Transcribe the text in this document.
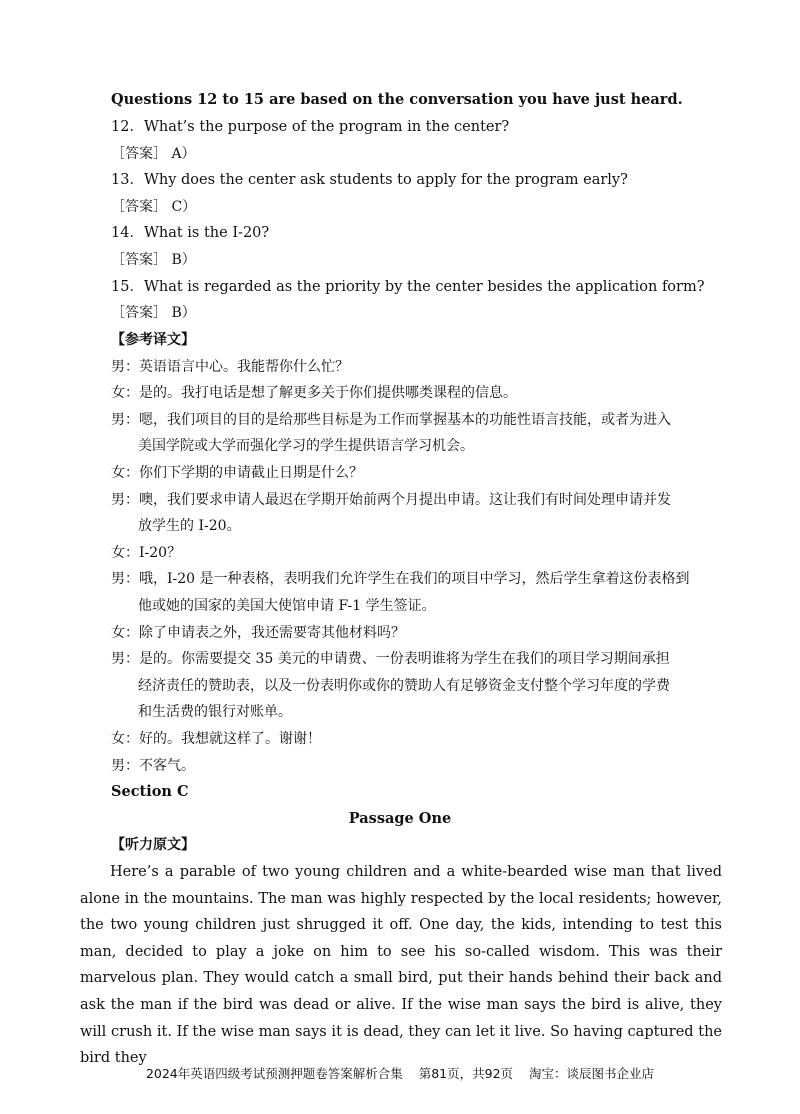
Questions 12 to 15 are based on the conversation you have just heard.
12．What’s the purpose of the program in the center?
［答案］ A）
13．Why does the center ask students to apply for the program early?
［答案］ C）
14．What is the I-20?
［答案］ B）
15．What is regarded as the priority by the center besides the application form?
［答案］ B）
【参考译文】
男：英语语言中心。我能帮你什么忙？
女：是的。我打电话是想了解更多关于你们提供哪类课程的信息。
男：嗯，我们项目的目的是给那些目标是为工作而掌握基本的功能性语言技能，或者为进入
美国学院或大学而强化学习的学生提供语言学习机会。
女：你们下学期的申请截止日期是什么？
男：噢，我们要求申请人最迟在学期开始前两个月提出申请。这让我们有时间处理申请并发
放学生的 I-20。
女：I-20？
男：哦，I-20 是一种表格，表明我们允许学生在我们的项目中学习，然后学生拿着这份表格到
他或她的国家的美国大使馆申请 F-1 学生签证。
女：除了申请表之外，我还需要寄其他材料吗？
男：是的。你需要提交 35 美元的申请费、一份表明谁将为学生在我们的项目学习期间承担
经济责任的赞助表，以及一份表明你或你的赞助人有足够资金支付整个学习年度的学费
和生活费的银行对账单。
女：好的。我想就这样了。谢谢！
男：不客气。
Section C
Passage One
【听力原文】
Here’s a parable of two young children and a white-bearded wise man that lived alone in the mountains. The man was highly respected by the local residents; however, the two young children just shrugged it off. One day, the kids, intending to test this man, decided to play a joke on him to see his so-called wisdom. This was their marvelous plan. They would catch a small bird, put their hands behind their back and ask the man if the bird was dead or alive. If the wise man says the bird is alive, they will crush it. If the wise man says it is dead, they can let it live. So having captured the bird they
2024年英语四级考试预测押题卷答案解析合集 第81页，共92页 淘宝：谈辰图书企业店
